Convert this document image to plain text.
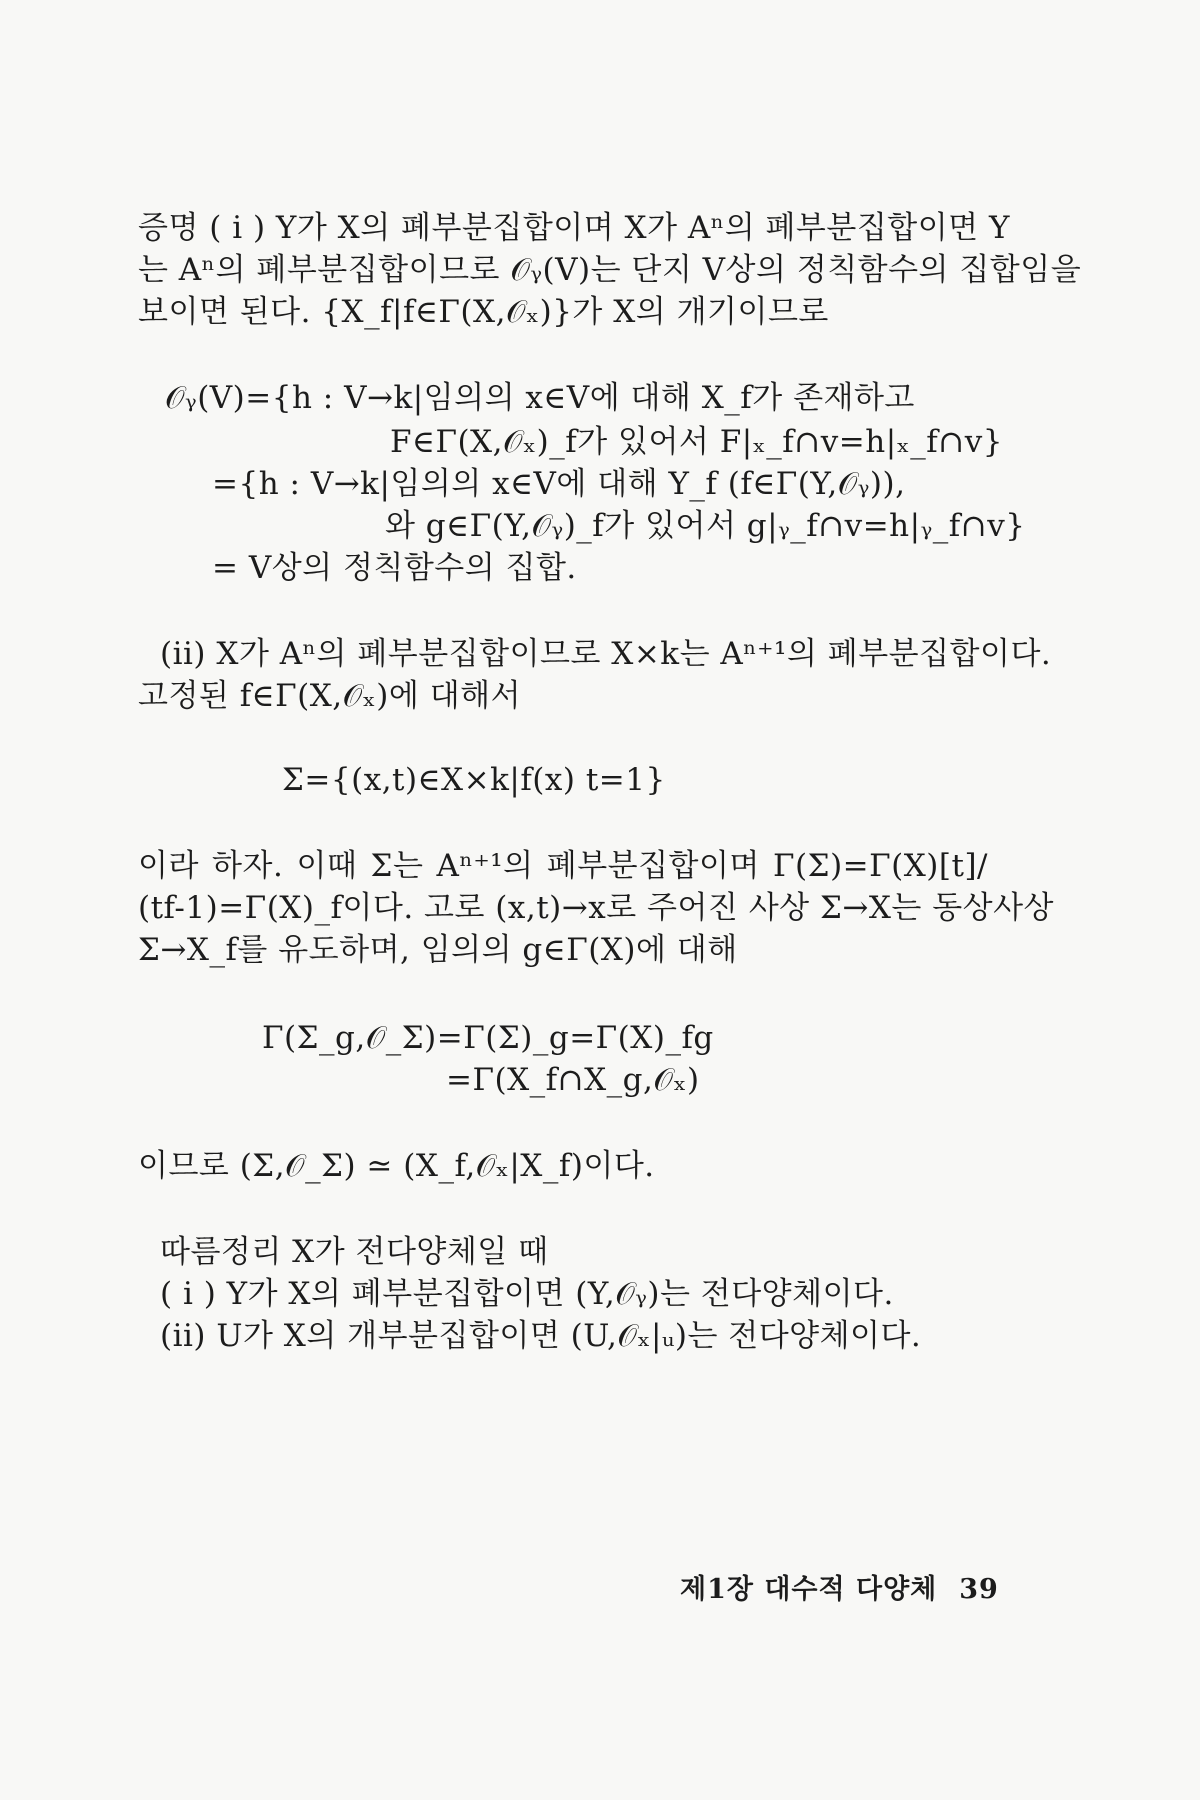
증명 ( i ) Y가 X의 폐부분집합이며 X가 Aⁿ의 폐부분집합이면 Y
는 Aⁿ의 폐부분집합이므로 𝒪ᵧ(V)는 단지 V상의 정칙함수의 집합임을
보이면 된다. {X_f|f∈Γ(X,𝒪ₓ)}가 X의 개기이므로
𝒪ᵧ(V)={h : V→k|임의의 x∈V에 대해 X_f가 존재하고
F∈Γ(X,𝒪ₓ)_f가 있어서 F|ₓ_f∩v=h|ₓ_f∩v}
={h : V→k|임의의 x∈V에 대해 Y_f (f∈Γ(Y,𝒪ᵧ)),
와 g∈Γ(Y,𝒪ᵧ)_f가 있어서 g|ᵧ_f∩v=h|ᵧ_f∩v}
= V상의 정칙함수의 집합.
(ii) X가 Aⁿ의 폐부분집합이므로 X×k는 Aⁿ⁺¹의 폐부분집합이다.
고정된 f∈Γ(X,𝒪ₓ)에 대해서
Σ={(x,t)∈X×k|f(x) t=1}
이라 하자. 이때 Σ는 Aⁿ⁺¹의 폐부분집합이며 Γ(Σ)=Γ(X)[t]/
(tf-1)=Γ(X)_f이다. 고로 (x,t)→x로 주어진 사상 Σ→X는 동상사상
Σ→X_f를 유도하며, 임의의 g∈Γ(X)에 대해
Γ(Σ_g,𝒪_Σ)=Γ(Σ)_g=Γ(X)_fg
=Γ(X_f∩X_g,𝒪ₓ)
이므로 (Σ,𝒪_Σ) ≃ (X_f,𝒪ₓ|X_f)이다.
따름정리 X가 전다양체일 때
( i ) Y가 X의 폐부분집합이면 (Y,𝒪ᵧ)는 전다양체이다.
(ii) U가 X의 개부분집합이면 (U,𝒪ₓ|ᵤ)는 전다양체이다.
제1장 대수적 다양체 39
